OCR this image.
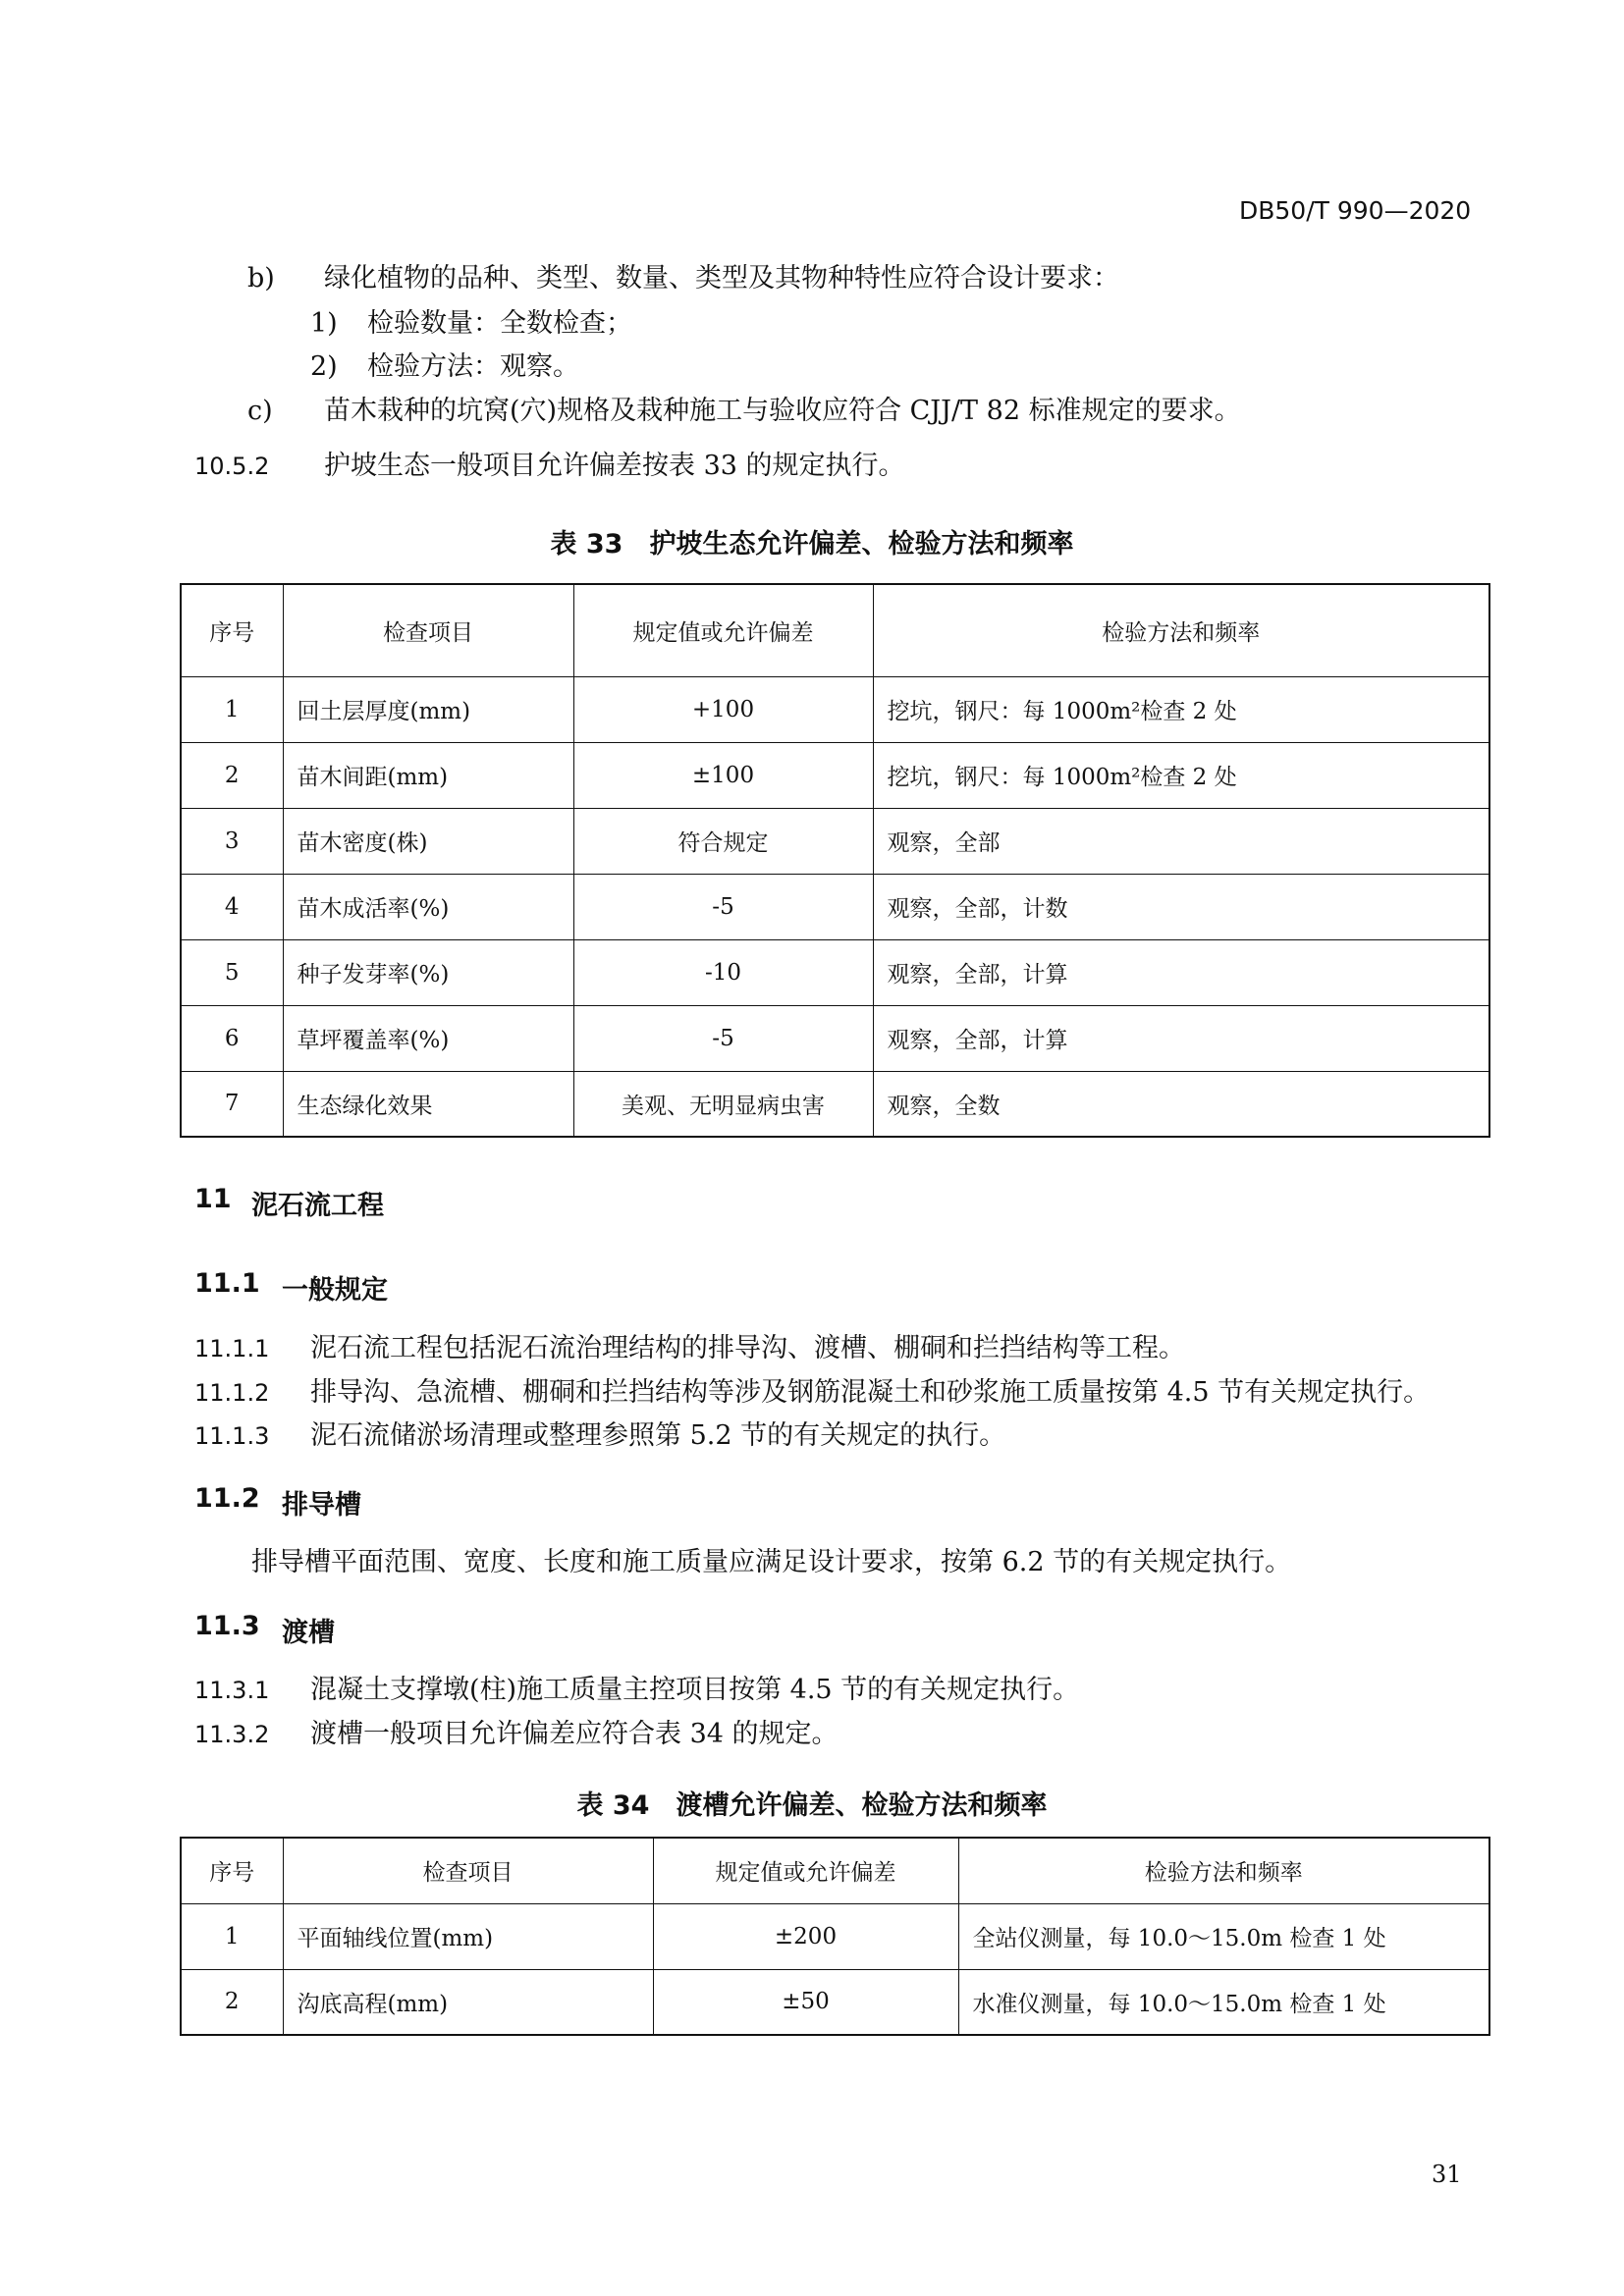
DB50/T 990—2020
b) 绿化植物的品种、类型、数量、类型及其物种特性应符合设计要求：
1) 检验数量：全数检查；
2) 检验方法：观察。
c) 苗木栽种的坑窝(穴)规格及栽种施工与验收应符合 CJJ/T 82 标准规定的要求。
10.5.2 护坡生态一般项目允许偏差按表 33 的规定执行。
表 33　护坡生态允许偏差、检验方法和频率
序号	检查项目	规定值或允许偏差	检验方法和频率
1	回土层厚度(mm)	+100	挖坑，钢尺：每 1000m²检查 2 处
2	苗木间距(mm)	±100	挖坑，钢尺：每 1000m²检查 2 处
3	苗木密度(株)	符合规定	观察，全部
4	苗木成活率(%)	-5	观察，全部，计数
5	种子发芽率(%)	-10	观察，全部，计算
6	草坪覆盖率(%)	-5	观察，全部，计算
7	生态绿化效果	美观、无明显病虫害	观察，全数
11 泥石流工程
11.1 一般规定
11.1.1 泥石流工程包括泥石流治理结构的排导沟、渡槽、棚硐和拦挡结构等工程。
11.1.2 排导沟、急流槽、棚硐和拦挡结构等涉及钢筋混凝土和砂浆施工质量按第 4.5 节有关规定执行。
11.1.3 泥石流储淤场清理或整理参照第 5.2 节的有关规定的执行。
11.2 排导槽
排导槽平面范围、宽度、长度和施工质量应满足设计要求，按第 6.2 节的有关规定执行。
11.3 渡槽
11.3.1 混凝土支撑墩(柱)施工质量主控项目按第 4.5 节的有关规定执行。
11.3.2 渡槽一般项目允许偏差应符合表 34 的规定。
表 34　渡槽允许偏差、检验方法和频率
序号	检查项目	规定值或允许偏差	检验方法和频率
1	平面轴线位置(mm)	±200	全站仪测量，每 10.0～15.0m 检查 1 处
2	沟底高程(mm)	±50	水准仪测量，每 10.0～15.0m 检查 1 处
31
